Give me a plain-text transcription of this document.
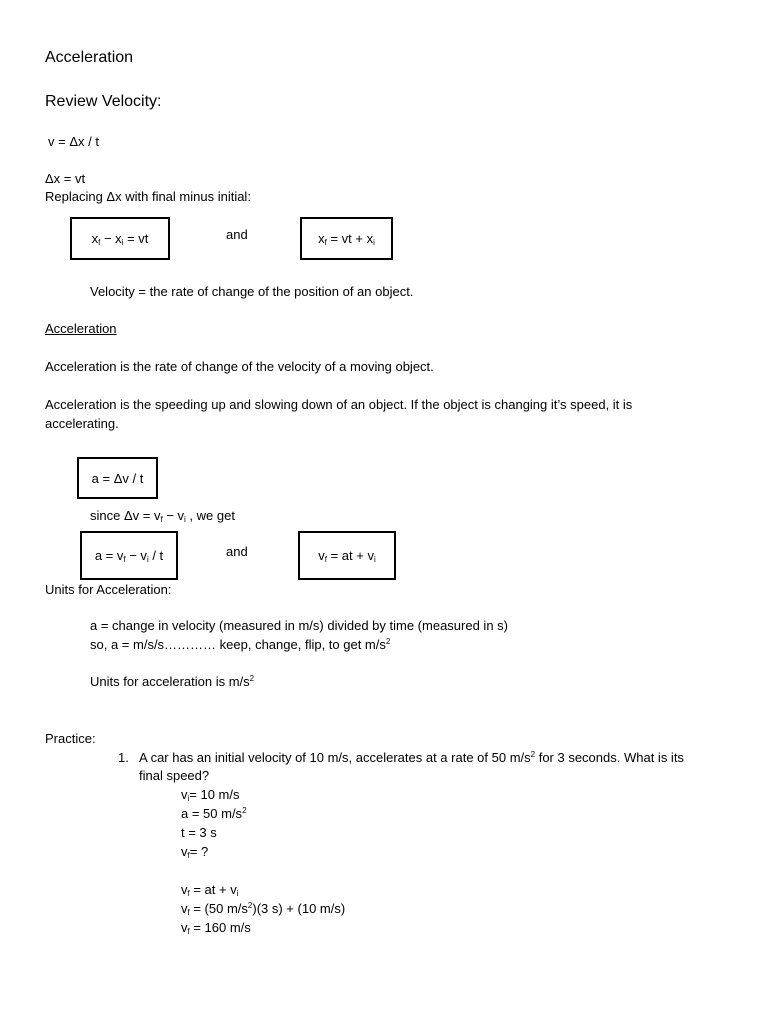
Acceleration
Review Velocity:
v = Δx / t
Δx = vt
Replacing Δx with final minus initial:
$x_f - x_i$ = vt	and	$x_f$ = vt + $x_i$
Velocity = the rate of change of the position of an object.
Acceleration
Acceleration is the rate of change of the velocity of a moving object.
Acceleration is the speeding up and slowing down of an object. If the object is changing it’s speed, it is
accelerating.
a = Δv / t
since $\Delta v = v_f - v_i$ , we get
$a = v_f - v_i / t$	and	$v_f$ = at + $v_i$
Units for Acceleration:
a = change in velocity (measured in m/s) divided by time (measured in s)
so, a = m/s/s………… keep, change, flip, to get $m/s^2$
Units for acceleration is $m/s^2$
Practice:
1. A car has an initial velocity of 10 m/s, accelerates at a rate of 50 $m/s^2$ for 3 seconds. What is its
final speed?
$v_i= 10$ m/s
a = 50 $m/s^2$
t = 3 s
$v_f=$ ?
$v_f$ = at + $v_i$
$v_f = (50$ $m/s^2)(3$ s) + (10 m/s)
$v_f = 160$ m/s
